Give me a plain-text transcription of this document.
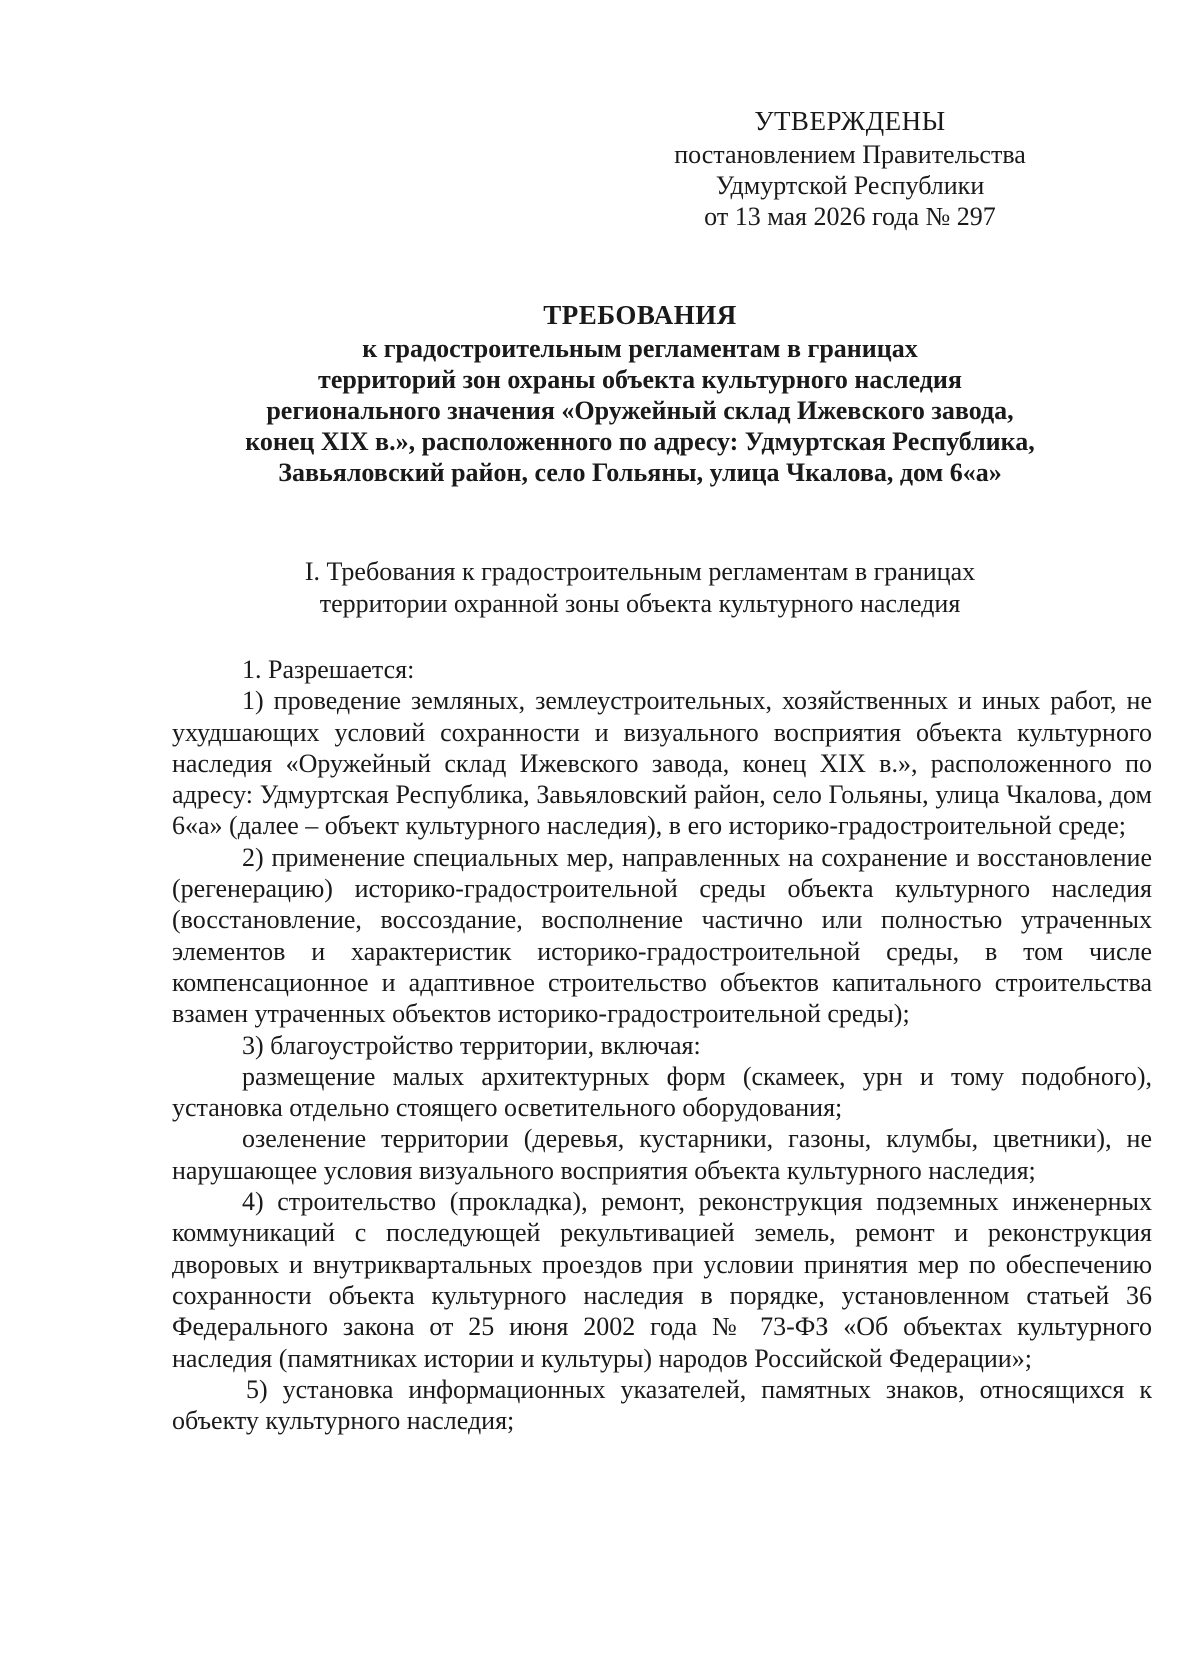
УТВЕРЖДЕНЫ
постановлением Правительства
Удмуртской Республики
от 13 мая 2026 года № 297
ТРЕБОВАНИЯ
к градостроительным регламентам в границах
территорий зон охраны объекта культурного наследия
регионального значения «Оружейный склад Ижевского завода,
конец XIX в.», расположенного по адресу: Удмуртская Республика,
Завьяловский район, село Гольяны, улица Чкалова, дом 6«а»
I. Требования к градостроительным регламентам в границах
территории охранной зоны объекта культурного наследия

1. Разрешается:

1) проведение земляных, землеустроительных, хозяйственных и иных работ, не ухудшающих условий сохранности и визуального восприятия объекта культурного наследия «Оружейный склад Ижевского завода, конец XIX в.», расположенного по адресу: Удмуртская Республика, Завьяловский район, село Гольяны, улица Чкалова, дом 6«а» (далее – объект культурного наследия), в его историко-градостроительной среде;

2) применение специальных мер, направленных на сохранение и восстановление (регенерацию) историко-градостроительной среды объекта культурного наследия (восстановление, воссоздание, восполнение частично или полностью утраченных элементов и характеристик историко-градостроительной среды, в том числе компенсационное и адаптивное строительство объектов капитального строительства взамен утраченных объектов историко-градостроительной среды);

3) благоустройство территории, включая:

размещение малых архитектурных форм (скамеек, урн и тому подобного), установка отдельно стоящего осветительного оборудования;

озеленение территории (деревья, кустарники, газоны, клумбы, цветники), не нарушающее условия визуального восприятия объекта культурного наследия;

4) строительство (прокладка), ремонт, реконструкция подземных инженерных коммуникаций с последующей рекультивацией земель, ремонт и реконструкция дворовых и внутриквартальных проездов при условии принятия мер по обеспечению сохранности объекта культурного наследия в порядке, установленном статьей 36 Федерального закона от 25 июня 2002 года № 73-ФЗ «Об объектах культурного наследия (памятниках истории и культуры) народов Российской Федерации»;

5) установка информационных указателей, памятных знаков, относящихся к объекту культурного наследия;
